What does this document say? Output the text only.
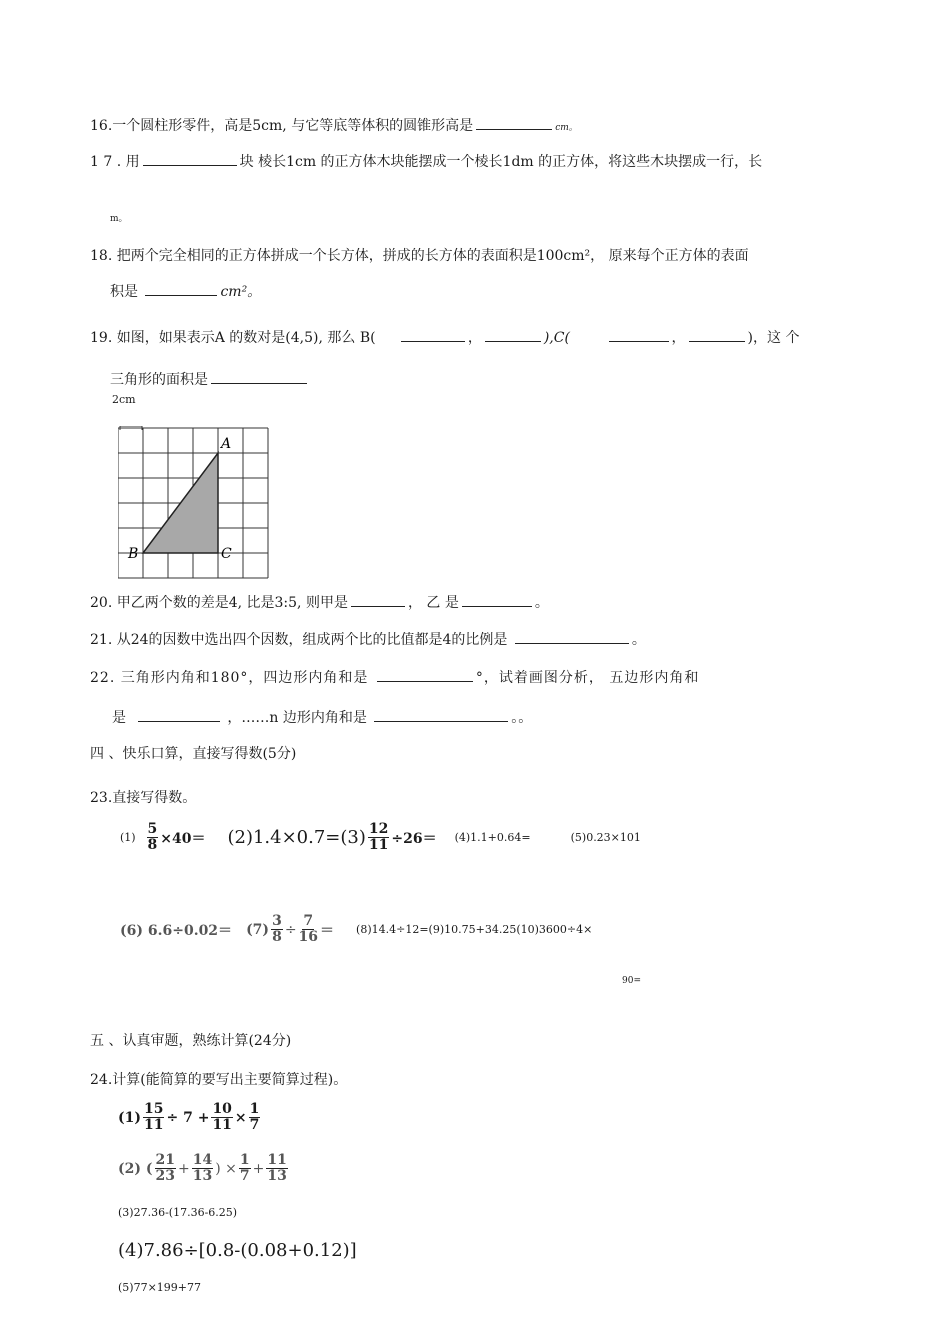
16.一个圆柱形零件，高是5cm, 与它等底等体积的圆锥形高是	cm。
1 7 . 用	块 棱长1cm 的正方体木块能摆成一个棱长1dm 的正方体，将这些木块摆成一行，长
m。
18. 把两个完全相同的正方体拼成一个长方体，拼成的长方体的表面积是100cm²， 原来每个正方体的表面
积是	cm²。
19. 如图，如果表示A 的数对是(4,5), 那么 B(	，	),C(	，	)，这 个
三角形的面积是
2cm
A
B	C
20. 甲乙两个数的差是4, 比是3:5, 则甲是	， 乙 是	。
21. 从24的因数中选出四个因数，组成两个比的比值都是4的比例是	。
22. 三角形内角和180°，四边形内角和是	°，试着画图分析， 五边形内角和
是	，……n 边形内角和是	。。
四 、快乐口算，直接写得数(5分)
23.直接写得数。
(1)
$\frac{5}{8} \times 40= (2)1.4\times 0.7=(3) \frac{12}{11} \div 26= (4)1.1+0.64=$	(5)0.23×101
(6) $6.6\div 0.02= (7) \frac{3}{8} \div \frac{7}{16} = (8)14.4\div 12=(9)10.75+34.25(10)3600\div 4\times$
90=
五 、认真审题，熟练计算(24分)
24.计算(能简算的要写出主要简算过程)。
$(1) \frac{15}{11} \div 7 + \frac{10}{11} \times \frac{1}{7}$
(2) ( $\frac{21}{23} + \frac{14}{13}$ ) × $\frac{1}{7} + \frac{11}{13}$
(3)27.36-(17.36-6.25)
(4)7.86÷[0.8-(0.08+0.12)]
(5)77×199+77
